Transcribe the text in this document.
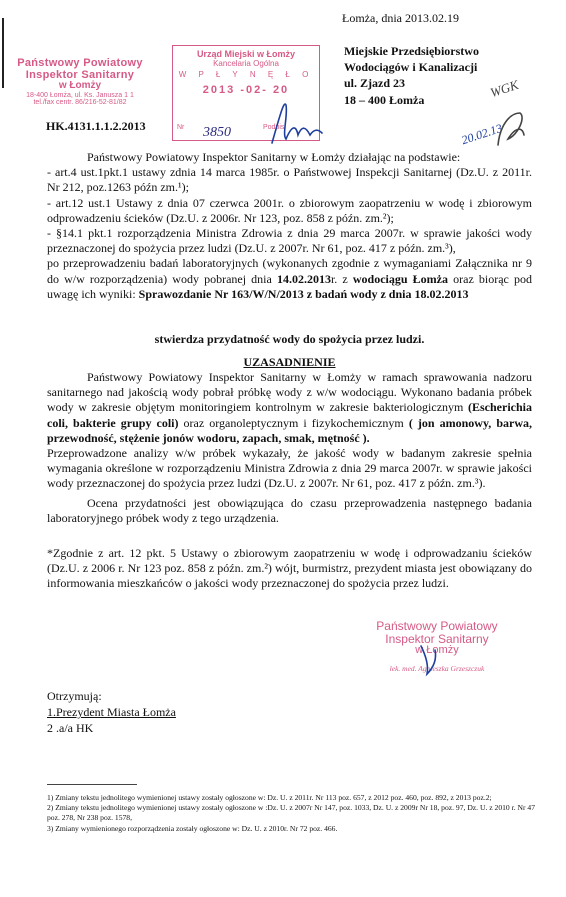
Łomża, dnia 2013.02.19
Państwowy Powiatowy
Inspektor Sanitarny
w Łomży
18-400 Łomża, ul. Ks. Janusza 1 1
tel./fax centr. 86/216-52-81/82
Urząd Miejski w Łomży
Kancelaria Ogólna
W P Ł Y N Ę Ł O
2013 -02- 20
Nr	Podpis
3850
Miejskie Przedsiębiorstwo
Wodociągów i Kanalizacji
ul. Zjazd 23
18 – 400 Łomża	WGK
20.02.13
HK.4131.1.1.2.2013

Państwowy Powiatowy Inspektor Sanitarny w Łomży działając na podstawie:

- art.4 ust.1pkt.1 ustawy zdnia 14 marca 1985r. o Państwowej Inspekcji Sanitarnej (Dz.U. z 2011r. Nr 212, poz.1263 późn zm.¹);

- art.12 ust.1 Ustawy z dnia 07 czerwca 2001r. o zbiorowym zaopatrzeniu w wodę i zbiorowym odprowadzeniu ścieków (Dz.U. z 2006r. Nr 123, poz. 858 z późn. zm.²);

- §14.1 pkt.1 rozporządzenia Ministra Zdrowia z dnia 29 marca 2007r. w sprawie jakości wody przeznaczonej do spożycia przez ludzi (Dz.U. z 2007r. Nr 61, poz. 417 z późn. zm.³),

po przeprowadzeniu badań laboratoryjnych (wykonanych zgodnie z wymaganiami Załącznika nr 9 do w/w rozporządzenia) wody pobranej dnia 14.02.2013r. z wodociągu Łomża oraz biorąc pod uwagę ich wyniki: Sprawozdanie Nr 163/W/N/2013 z badań wody z dnia 18.02.2013

stwierdza przydatność wody do spożycia przez ludzi.
UZASADNIENIE

Państwowy Powiatowy Inspektor Sanitarny w Łomży w ramach sprawowania nadzoru sanitarnego nad jakością wody pobrał próbkę wody z w/w wodociągu. Wykonano badania próbek wody w zakresie objętym monitoringiem kontrolnym w zakresie bakteriologicznym (Escherichia coli, bakterie grupy coli) oraz organoleptycznym i fizykochemicznym ( jon amonowy, barwa, przewodność, stężenie jonów wodoru, zapach, smak, mętność ).

Przeprowadzone analizy w/w próbek wykazały, że jakość wody w badanym zakresie spełnia wymagania określone w rozporządzeniu Ministra Zdrowia z dnia 29 marca 2007r. w sprawie jakości wody przeznaczonej do spożycia przez ludzi (Dz.U. z 2007r. Nr 61, poz. 417 z późn. zm.³).

Ocena przydatności jest obowiązująca do czasu przeprowadzenia następnego badania laboratoryjnego próbek wody z tego urządzenia.

*Zgodnie z art. 12 pkt. 5 Ustawy o zbiorowym zaopatrzeniu w wodę i odprowadzaniu ścieków (Dz.U. z 2006 r. Nr 123 poz. 858 z późn. zm.²) wójt, burmistrz, prezydent miasta jest obowiązany do informowania mieszkańców o jakości wody przeznaczonej do spożycia przez ludzi.
Państwowy Powiatowy
Inspektor Sanitarny
w Łomży
lek. med. Agnieszka Grzeszczuk
Otrzymują:
1.Prezydent Miasta Łomża
2 .a/a HK
1) Zmiany tekstu jednolitego wymienionej ustawy zostały ogłoszone w: Dz. U. z 2011r. Nr 113 poz. 657, z 2012 poz. 460, poz. 892, z 2013 poz.2;
2) Zmiany tekstu jednolitego wymienionej ustawy zostały ogłoszone w :Dz. U. z 2007r Nr 147, poz. 1033, Dz. U. z 2009r Nr 18, poz. 97, Dz. U. z 2010 r. Nr 47 poz. 278, Nr 238 poz. 1578,
3) Zmiany wymienionego rozporządzenia zostały ogłoszone w: Dz. U. z 2010r. Nr 72 poz. 466.
